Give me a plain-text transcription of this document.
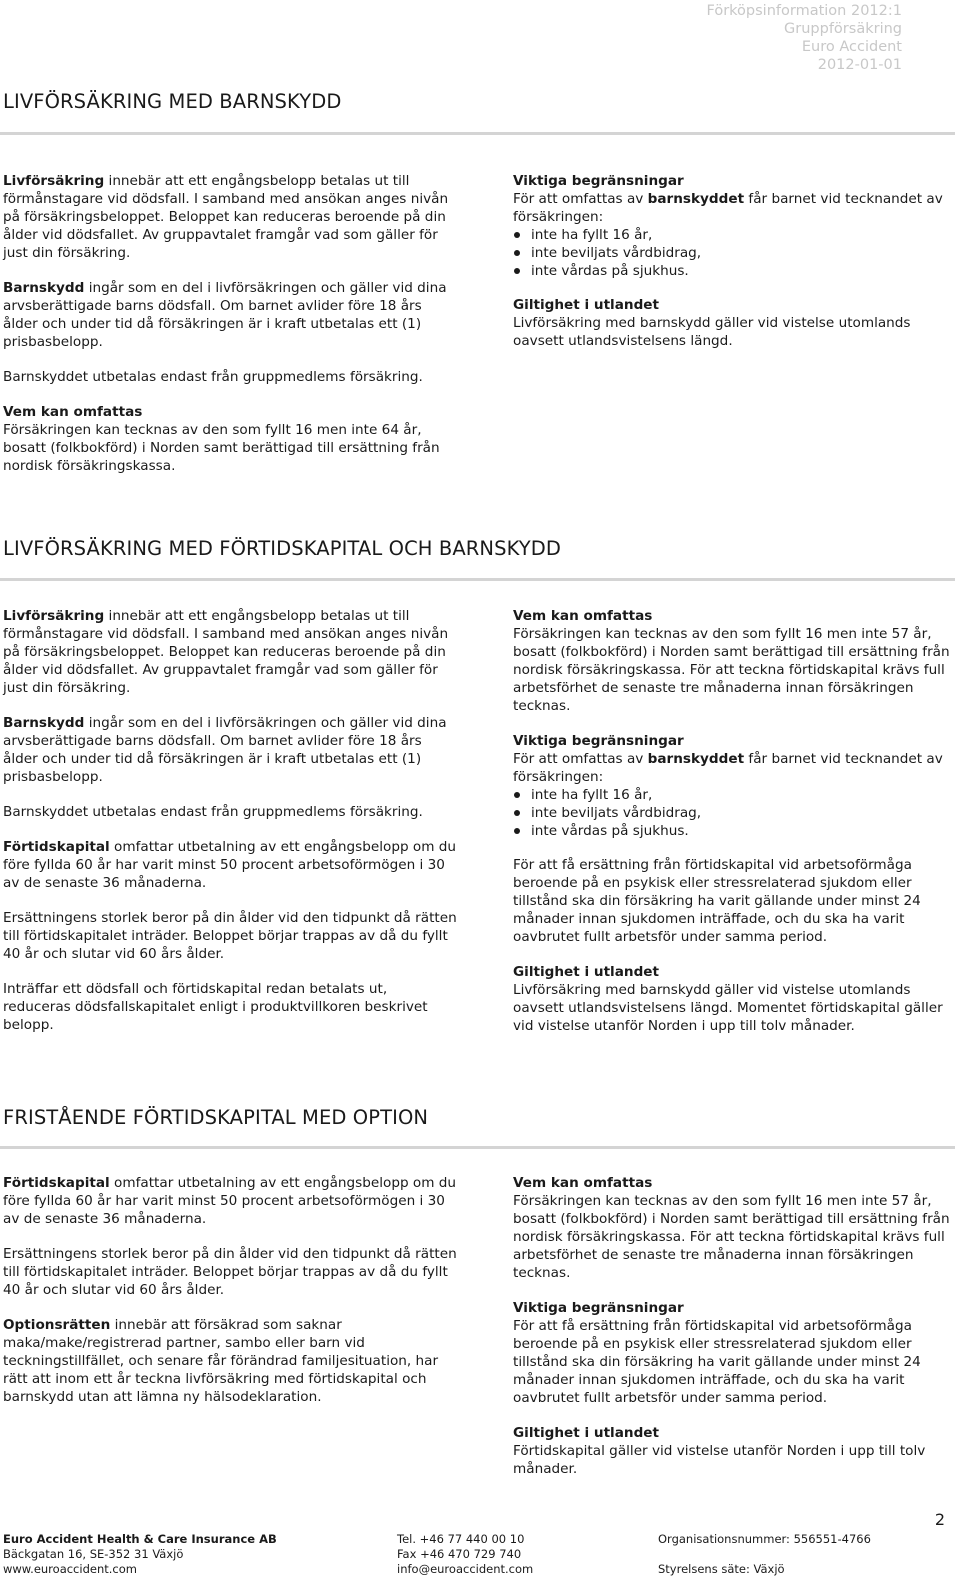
Förköpsinformation 2012:1
Gruppförsäkring
Euro Accident
2012-01-01
LIVFÖRSÄKRING MED BARNSKYDD

Livförsäkring innebär att ett engångsbelopp betalas ut till förmånstagare vid dödsfall. I samband med ansökan anges nivån på försäkringsbeloppet. Beloppet kan reduceras beroende på din ålder vid dödsfallet. Av gruppavtalet framgår vad som gäller för just din försäkring.

Barnskydd ingår som en del i livförsäkringen och gäller vid dina arvsberättigade barns dödsfall. Om barnet avlider före 18 års ålder och under tid då försäkringen är i kraft utbetalas ett (1) prisbasbelopp.

Barnskyddet utbetalas endast från gruppmedlems försäkring.

Vem kan omfattas

Försäkringen kan tecknas av den som fyllt 16 men inte 64 år, bosatt (folkbokförd) i Norden samt berättigad till ersättning från nordisk försäkringskassa.

Viktiga begränsningar
För att omfattas av barnskyddet får barnet vid tecknandet av försäkringen:
inte ha fyllt 16 år,
inte beviljats vårdbidrag,
inte vårdas på sjukhus.
Giltighet i utlandet

Livförsäkring med barnskydd gäller vid vistelse utomlands oavsett utlandsvistelsens längd.

LIVFÖRSÄKRING MED FÖRTIDSKAPITAL OCH BARNSKYDD

Livförsäkring innebär att ett engångsbelopp betalas ut till förmånstagare vid dödsfall. I samband med ansökan anges nivån på försäkringsbeloppet. Beloppet kan reduceras beroende på din ålder vid dödsfallet. Av gruppavtalet framgår vad som gäller för just din försäkring.

Barnskydd ingår som en del i livförsäkringen och gäller vid dina arvsberättigade barns dödsfall. Om barnet avlider före 18 års ålder och under tid då försäkringen är i kraft utbetalas ett (1) prisbasbelopp.

Barnskyddet utbetalas endast från gruppmedlems försäkring.

Förtidskapital omfattar utbetalning av ett engångsbelopp om du före fyllda 60 år har varit minst 50 procent arbetsoförmögen i 30 av de senaste 36 månaderna.

Ersättningens storlek beror på din ålder vid den tidpunkt då rätten till förtidskapitalet inträder. Beloppet börjar trappas av då du fyllt 40 år och slutar vid 60 års ålder.

Inträffar ett dödsfall och förtidskapital redan betalats ut, reduceras dödsfallskapitalet enligt i produktvillkoren beskrivet belopp.

Vem kan omfattas

Försäkringen kan tecknas av den som fyllt 16 men inte 57 år, bosatt (folkbokförd) i Norden samt berättigad till ersättning från nordisk försäkringskassa. För att teckna förtidskapital krävs full arbetsförhet de senaste tre månaderna innan försäkringen tecknas.

Viktiga begränsningar
För att omfattas av barnskyddet får barnet vid tecknandet av försäkringen:
inte ha fyllt 16 år,
inte beviljats vårdbidrag,
inte vårdas på sjukhus.

För att få ersättning från förtidskapital vid arbetsoförmåga beroende på en psykisk eller stressrelaterad sjukdom eller tillstånd ska din försäkring ha varit gällande under minst 24 månader innan sjukdomen inträffade, och du ska ha varit oavbrutet fullt arbetsför under samma period.

Giltighet i utlandet

Livförsäkring med barnskydd gäller vid vistelse utomlands oavsett utlandsvistelsens längd. Momentet förtidskapital gäller vid vistelse utanför Norden i upp till tolv månader.

FRISTÅENDE FÖRTIDSKAPITAL MED OPTION

Förtidskapital omfattar utbetalning av ett engångsbelopp om du före fyllda 60 år har varit minst 50 procent arbetsoförmögen i 30 av de senaste 36 månaderna.

Ersättningens storlek beror på din ålder vid den tidpunkt då rätten till förtidskapitalet inträder. Beloppet börjar trappas av då du fyllt 40 år och slutar vid 60 års ålder.

Optionsrätten innebär att försäkrad som saknar maka/make/registrerad partner, sambo eller barn vid teckningstillfället, och senare får förändrad familjesituation, har rätt att inom ett år teckna livförsäkring med förtidskapital och barnskydd utan att lämna ny hälsodeklaration.

Vem kan omfattas

Försäkringen kan tecknas av den som fyllt 16 men inte 57 år, bosatt (folkbokförd) i Norden samt berättigad till ersättning från nordisk försäkringskassa. För att teckna förtidskapital krävs full arbetsförhet de senaste tre månaderna innan försäkringen tecknas.

Viktiga begränsningar

För att få ersättning från förtidskapital vid arbetsoförmåga beroende på en psykisk eller stressrelaterad sjukdom eller tillstånd ska din försäkring ha varit gällande under minst 24 månader innan sjukdomen inträffade, och du ska ha varit oavbrutet fullt arbetsför under samma period.

Giltighet i utlandet

Förtidskapital gäller vid vistelse utanför Norden i upp till tolv månader.

2
Euro Accident Health & Care Insurance AB
Bäckgatan 16, SE-352 31 Växjö
www.euroaccident.com
Tel. +46 77 440 00 10
Fax +46 470 729 740
info@euroaccident.com
Organisationsnummer: 556551-4766

Styrelsens säte: Växjö
